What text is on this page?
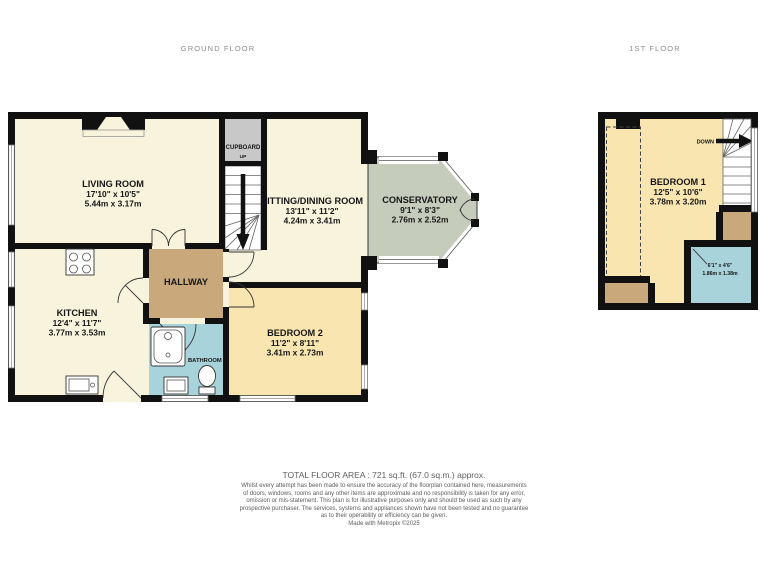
GROUND FLOOR	1ST FLOOR
LIVING ROOM
17'10" x 10'5"
5.44m x 3.17m	SITTING/DINING ROOM
13'11" x 11'2"
4.24m x 3.41m
CONSERVATORY
9'1" x 8'3"
2.76m x 2.52m
KITCHEN
12'4" x 11'7"
3.77m x 3.53m	BEDROOM 2
11'2" x 8'11"
3.41m x 2.73m
HALLWAY
BATHROOM
CUPBOARD
UP
BEDROOM 1
12'5" x 10'6"
3.78m x 3.20m
DOWN
6'1" x 4'6"
1.86m x 1.38m
TOTAL FLOOR AREA : 721 sq.ft. (67.0 sq.m.) approx.
Whilst every attempt has been made to ensure the accuracy of the floorplan contained here, measurements
of doors, windows, rooms and any other items are approximate and no responsibility is taken for any error,
omission or mis-statement. This plan is for illustrative purposes only and should be used as such by any
prospective purchaser. The services, systems and appliances shown have not been tested and no guarantee
as to their operability or efficiency can be given.
Made with Metropix ©2025
